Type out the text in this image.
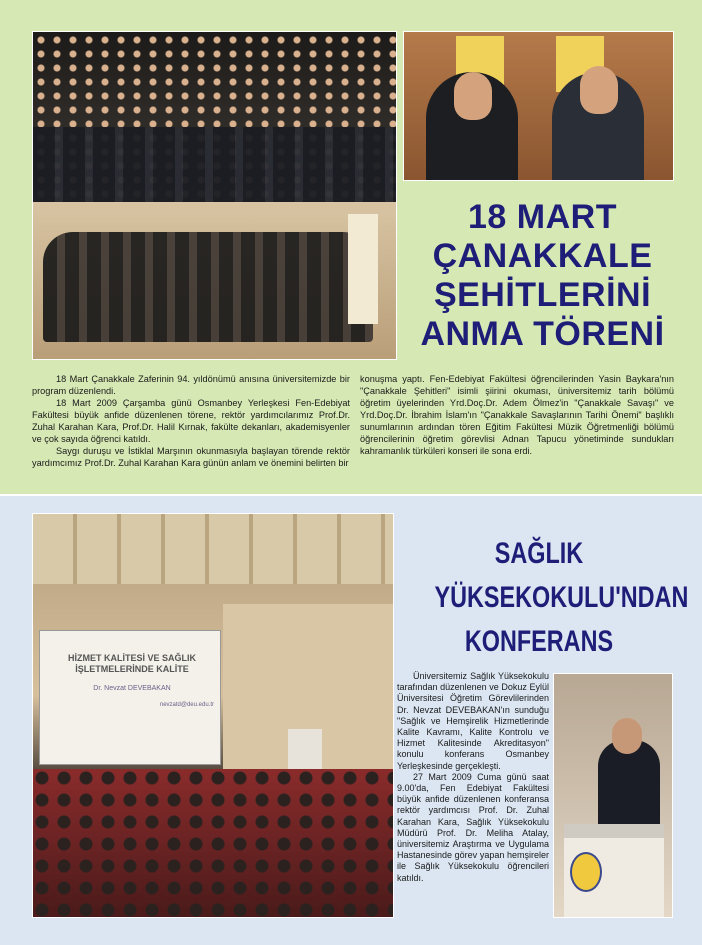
18 MART
ÇANAKKALE
ŞEHİTLERİNİ
ANMA TÖRENİ

18 Mart Çanakkale Zaferinin 94. yıldönümü anısına üniversitemizde bir program düzenlendi.

18 Mart 2009 Çarşamba günü Osmanbey Yerleşkesi Fen-Edebiyat Fakültesi büyük anfide düzenlenen törene, rektör yardımcılarımız Prof.Dr. Zuhal Karahan Kara, Prof.Dr. Halil Kırnak, fakülte dekanları, akademisyenler ve çok sayıda öğrenci katıldı.

Saygı duruşu ve İstiklal Marşının okunmasıyla başlayan törende rektör yardımcımız Prof.Dr. Zuhal Karahan Kara günün anlam ve önemini belirten bir

konuşma yaptı. Fen-Edebiyat Fakültesi öğrencilerinden Yasin Baykara'nın "Çanakkale Şehitleri" isimli şiirini okuması, üniversitemiz tarih bölümü öğretim üyelerinden Yrd.Doç.Dr. Adem Ölmez'in "Çanakkale Savaşı" ve Yrd.Doç.Dr. İbrahim İslam'ın "Çanakkale Savaşlarının Tarihi Önemi" başlıklı sunumlarının ardından tören Eğitim Fakültesi Müzik Öğretmenliği bölümü öğrencilerinin öğretim görevlisi Adnan Tapucu yönetiminde sundukları kahramanlık türküleri konseri ile sona erdi.

HİZMET KALİTESİ VE SAĞLIK İŞLETMELERİNDE KALİTE
Dr. Nevzat DEVEBAKAN
nevzatd@deu.edu.tr
SAĞLIK
YÜKSEKOKULU'NDAN
KONFERANS

Üniversitemiz Sağlık Yüksekokulu tarafından düzenlenen ve Dokuz Eylül Üniversitesi Öğretim Görevlilerinden Dr. Nevzat DEVEBAKAN'ın sunduğu "Sağlık ve Hemşirelik Hizmetlerinde Kalite Kavramı, Kalite Kontrolu ve Hizmet Kalitesinde Akreditasyon" konulu konferans Osmanbey Yerleşkesinde gerçekleşti.

27 Mart 2009 Cuma günü saat 9.00'da, Fen Edebiyat Fakültesi büyük anfide düzenlenen konferansa rektör yardımcısı Prof. Dr. Zuhal Karahan Kara, Sağlık Yüksekokulu Müdürü Prof. Dr. Meliha Atalay, üniversitemiz Araştırma ve Uygulama Hastanesinde görev yapan hemşireler ile Sağlık Yüksekokulu öğrencileri katıldı.
